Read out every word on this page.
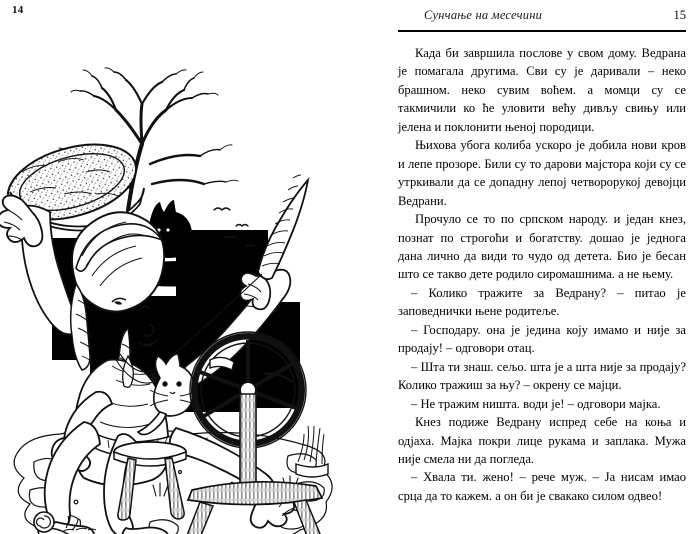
14	Сунчање на месечини	15

Када би завршила послове у свом дому. Ведрана је помагала другима. Сви су је даривали – неко брашном. неко сувим воћем. а момци су се такмичили ко ће уловити већу дивљу свињу или јелена и поклонити њеној породици.

Њихова убога колиба ускоро је добила нови кров и лепе прозоре. Били су то дарови мајстора који су се утркивали да се допадну лепој четворорукој девојци Ведрани.

Прочуло се то по српском народу. и један кнез, познат по строгоћи и богатству. дошао је једнога дана лично да види то чудо од детета. Био је бесан што се такво дете родило сиромашнима. а не њему.

– Колико тражите за Ведрану? – питао је заповеднички њене родитеље.

– Господару. она је једина коју имамо и није за продају! – одговори отац.

– Шта ти знаш. сељо. шта је а шта није за продају? Колико тражиш за њу? – окрену се мајци.

– Не тражим ништа. води је! – одговори мајка.

Кнез подиже Ведрану испред себе на коња и одјаха. Мајка покри лице рукама и заплака. Мужа није смела ни да погледа.

– Хвала ти. жено! – рече муж. – Ја нисам имао срца да то кажем. а он би је свакако силом одвео!
